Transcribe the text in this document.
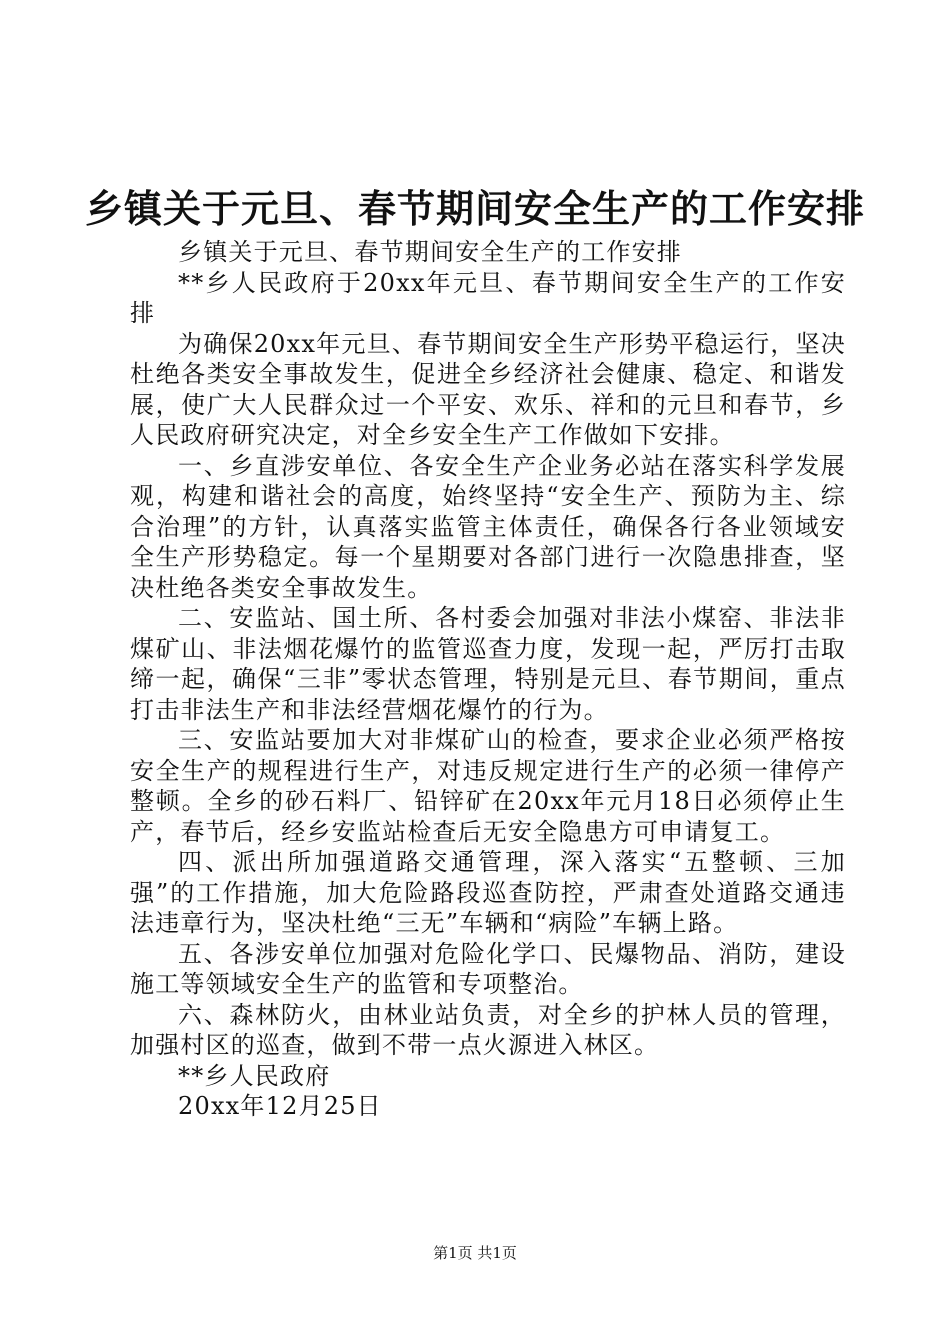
乡镇关于元旦、春节期间安全生产的工作安排

乡镇关于元旦、春节期间安全生产的工作安排

**乡人民政府于20xx年元旦、春节期间安全生产的工作安排

为确保20xx年元旦、春节期间安全生产形势平稳运行，坚决杜绝各类安全事故发生，促进全乡经济社会健康、稳定、和谐发展，使广大人民群众过一个平安、欢乐、祥和的元旦和春节，乡人民政府研究决定，对全乡安全生产工作做如下安排。

一、乡直涉安单位、各安全生产企业务必站在落实科学发展观，构建和谐社会的高度，始终坚持“安全生产、预防为主、综合治理”的方针，认真落实监管主体责任，确保各行各业领域安全生产形势稳定。每一个星期要对各部门进行一次隐患排查，坚决杜绝各类安全事故发生。

二、安监站、国土所、各村委会加强对非法小煤窑、非法非煤矿山、非法烟花爆竹的监管巡查力度，发现一起，严厉打击取缔一起，确保“三非”零状态管理，特别是元旦、春节期间，重点打击非法生产和非法经营烟花爆竹的行为。

三、安监站要加大对非煤矿山的检查，要求企业必须严格按安全生产的规程进行生产，对违反规定进行生产的必须一律停产整顿。全乡的砂石料厂、铅锌矿在20xx年元月18日必须停止生产，春节后，经乡安监站检查后无安全隐患方可申请复工。

四、派出所加强道路交通管理，深入落实“五整顿、三加强”的工作措施，加大危险路段巡查防控，严肃查处道路交通违法违章行为，坚决杜绝“三无”车辆和“病险”车辆上路。

五、各涉安单位加强对危险化学口、民爆物品、消防，建设施工等领域安全生产的监管和专项整治。

六、森林防火，由林业站负责，对全乡的护林人员的管理，加强村区的巡查，做到不带一点火源进入林区。

**乡人民政府

20xx年12月25日

第1页 共1页
